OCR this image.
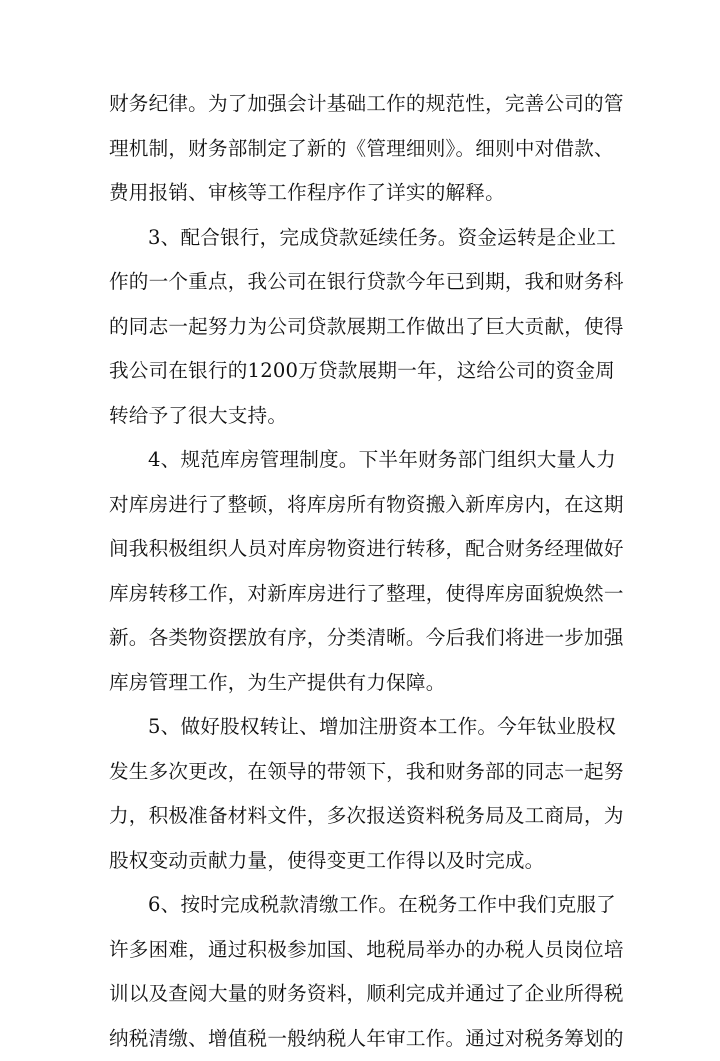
财务纪律。为了加强会计基础工作的规范性，完善公司的管
理机制，财务部制定了新的《管理细则》。细则中对借款、
费用报销、审核等工作程序作了详实的解释。
3、配合银行，完成贷款延续任务。资金运转是企业工
作的一个重点，我公司在银行贷款今年已到期，我和财务科
的同志一起努力为公司贷款展期工作做出了巨大贡献，使得
我公司在银行的1200万贷款展期一年，这给公司的资金周
转给予了很大支持。
4、规范库房管理制度。下半年财务部门组织大量人力
对库房进行了整顿，将库房所有物资搬入新库房内，在这期
间我积极组织人员对库房物资进行转移，配合财务经理做好
库房转移工作，对新库房进行了整理，使得库房面貌焕然一
新。各类物资摆放有序，分类清晰。今后我们将进一步加强
库房管理工作，为生产提供有力保障。
5、做好股权转让、增加注册资本工作。今年钛业股权
发生多次更改，在领导的带领下，我和财务部的同志一起努
力，积极准备材料文件，多次报送资料税务局及工商局，为
股权变动贡献力量，使得变更工作得以及时完成。
6、按时完成税款清缴工作。在税务工作中我们克服了
许多困难，通过积极参加国、地税局举办的办税人员岗位培
训以及查阅大量的财务资料，顺利完成并通过了企业所得税
纳税清缴、增值税一般纳税人年审工作。通过对税务筹划的
